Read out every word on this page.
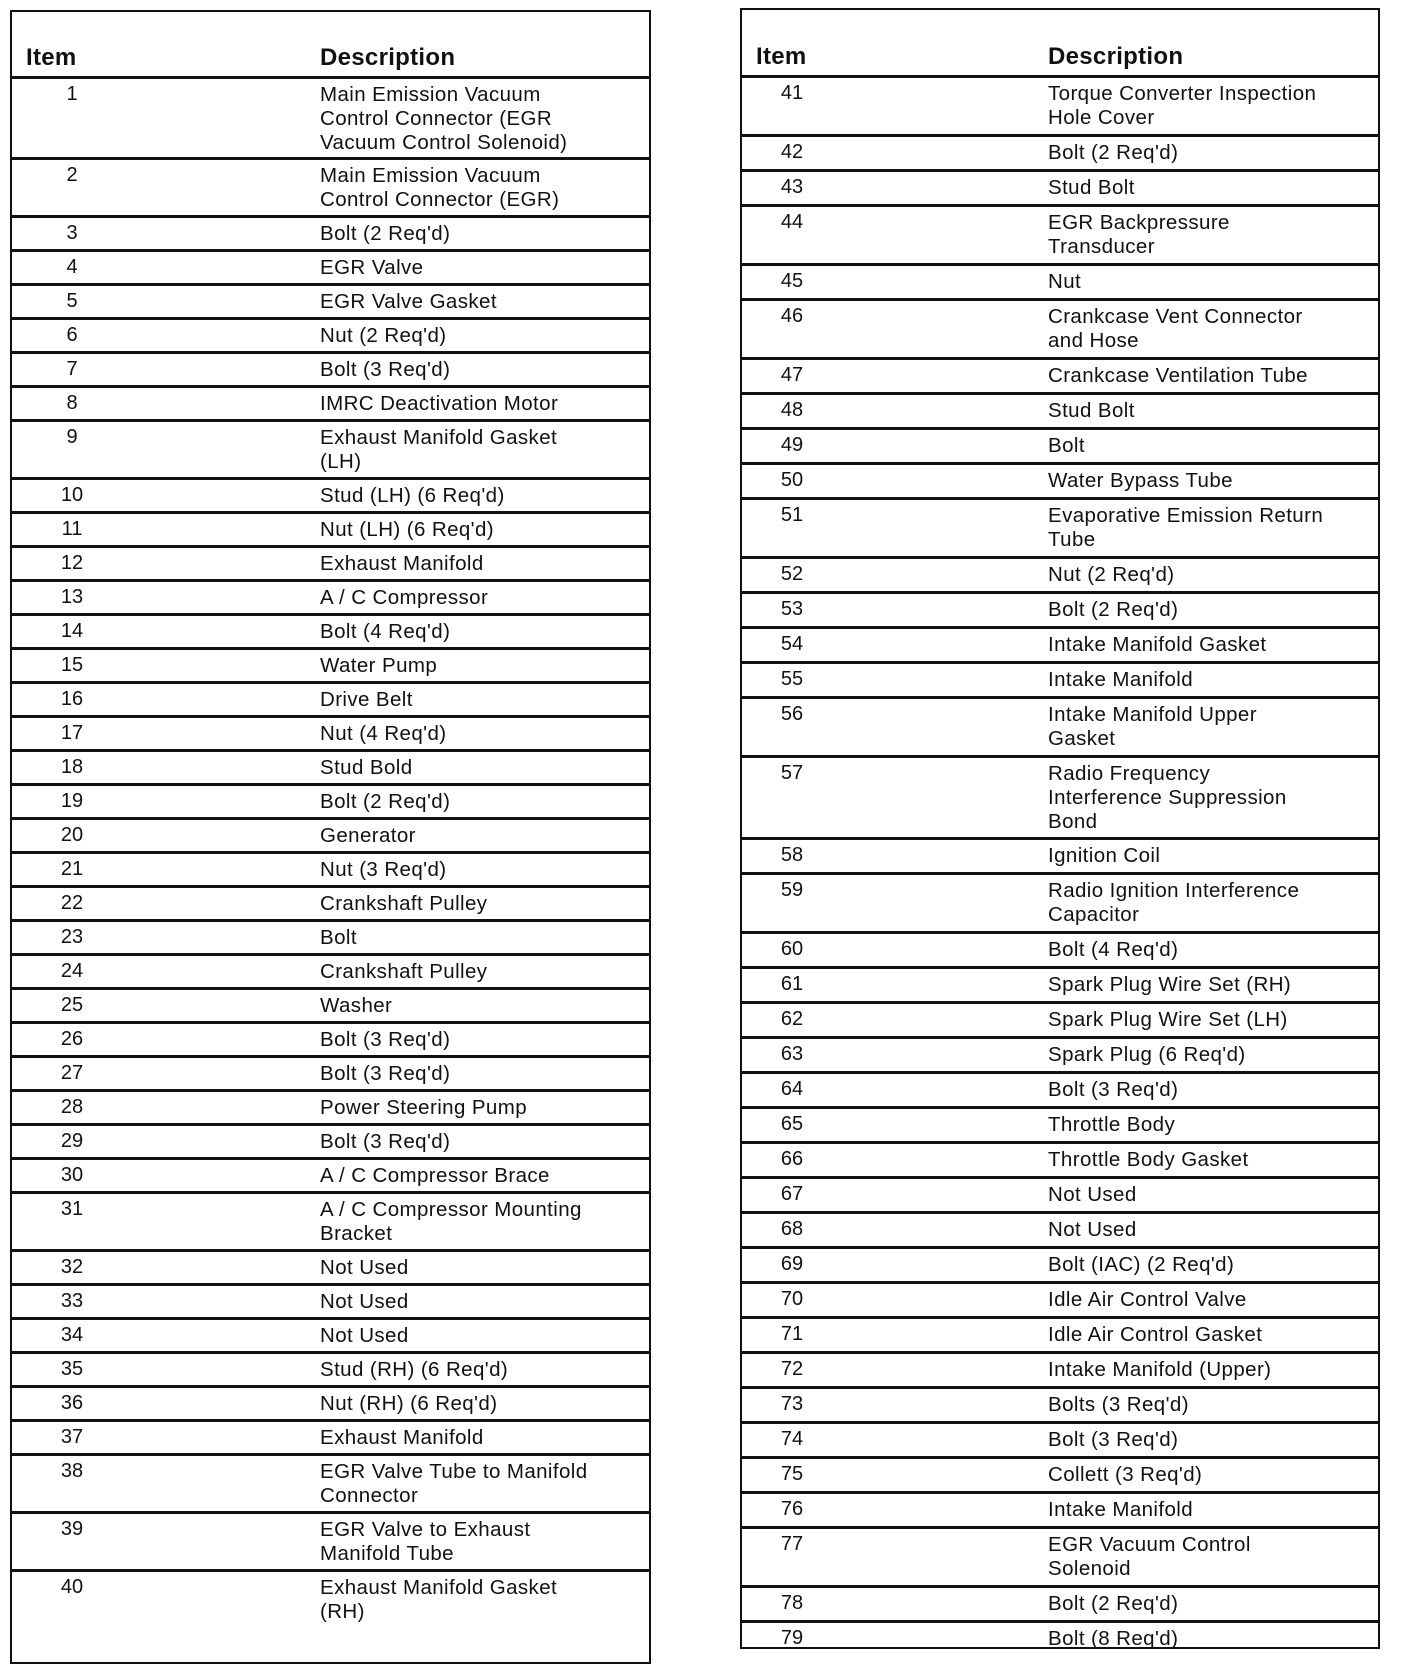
Item	Description
1	Main Emission Vacuum
Control Connector (EGR
Vacuum Control Solenoid)
2	Main Emission Vacuum
Control Connector (EGR)
3	Bolt (2 Req'd)
4	EGR Valve
5	EGR Valve Gasket
6	Nut (2 Req'd)
7	Bolt (3 Req'd)
8	IMRC Deactivation Motor
9	Exhaust Manifold Gasket
(LH)
10	Stud (LH) (6 Req'd)
11	Nut (LH) (6 Req'd)
12	Exhaust Manifold
13	A / C Compressor
14	Bolt (4 Req'd)
15	Water Pump
16	Drive Belt
17	Nut (4 Req'd)
18	Stud Bold
19	Bolt (2 Req'd)
20	Generator
21	Nut (3 Req'd)
22	Crankshaft Pulley
23	Bolt
24	Crankshaft Pulley
25	Washer
26	Bolt (3 Req'd)
27	Bolt (3 Req'd)
28	Power Steering Pump
29	Bolt (3 Req'd)
30	A / C Compressor Brace
31	A / C Compressor Mounting
Bracket
32	Not Used
33	Not Used
34	Not Used
35	Stud (RH) (6 Req'd)
36	Nut (RH) (6 Req'd)
37	Exhaust Manifold
38	EGR Valve Tube to Manifold
Connector
39	EGR Valve to Exhaust
Manifold Tube
40	Exhaust Manifold Gasket
(RH)
Item	Description
41	Torque Converter Inspection
Hole Cover
42	Bolt (2 Req'd)
43	Stud Bolt
44	EGR Backpressure
Transducer
45	Nut
46	Crankcase Vent Connector
and Hose
47	Crankcase Ventilation Tube
48	Stud Bolt
49	Bolt
50	Water Bypass Tube
51	Evaporative Emission Return
Tube
52	Nut (2 Req'd)
53	Bolt (2 Req'd)
54	Intake Manifold Gasket
55	Intake Manifold
56	Intake Manifold Upper
Gasket
57	Radio Frequency
Interference Suppression
Bond
58	Ignition Coil
59	Radio Ignition Interference
Capacitor
60	Bolt (4 Req'd)
61	Spark Plug Wire Set (RH)
62	Spark Plug Wire Set (LH)
63	Spark Plug (6 Req'd)
64	Bolt (3 Req'd)
65	Throttle Body
66	Throttle Body Gasket
67	Not Used
68	Not Used
69	Bolt (IAC) (2 Req'd)
70	Idle Air Control Valve
71	Idle Air Control Gasket
72	Intake Manifold (Upper)
73	Bolts (3 Req'd)
74	Bolt (3 Req'd)
75	Collett (3 Req'd)
76	Intake Manifold
77	EGR Vacuum Control
Solenoid
78	Bolt (2 Req'd)
79	Bolt (8 Req'd)
